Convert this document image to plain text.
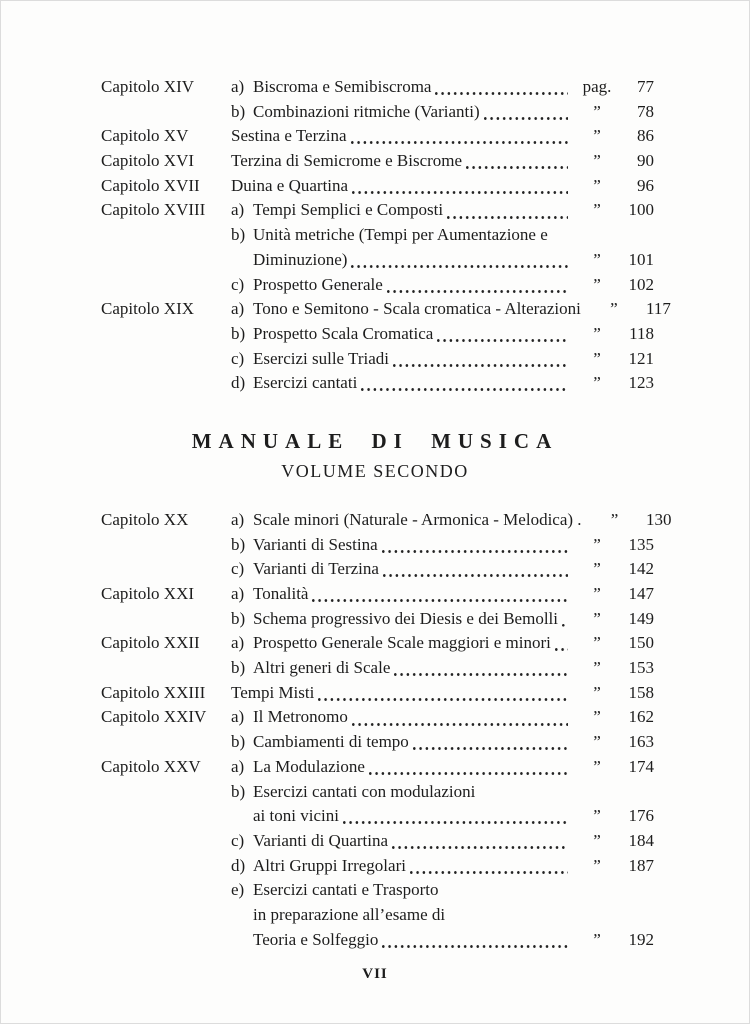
Capitolo XIV	a) Biscroma e Semibiscroma	pag.	77
b) Combinazioni ritmiche (Varianti)	”	78
Capitolo XV	Sestina e Terzina	”	86
Capitolo XVI	Terzina di Semicrome e Biscrome	”	90
Capitolo XVII	Duina e Quartina	”	96
Capitolo XVIII	a) Tempi Semplici e Composti	”	100
b) Unità metriche (Tempi per Aumentazione e
Diminuzione)	”	101
c) Prospetto Generale	”	102
Capitolo XIX	a) Tono e Semitono - Scala cromatica - Alterazioni	”	117
b) Prospetto Scala Cromatica	”	118
c) Esercizi sulle Triadi	”	121
d) Esercizi cantati	”	123
MANUALE DI MUSICA
VOLUME SECONDO
Capitolo XX	a) Scale minori (Naturale - Armonica - Melodica) .	”	130
b) Varianti di Sestina	”	135
c) Varianti di Terzina	”	142
Capitolo XXI	a) Tonalità	”	147
b) Schema progressivo dei Diesis e dei Bemolli	”	149
Capitolo XXII	a) Prospetto Generale Scale maggiori e minori	”	150
b) Altri generi di Scale	”	153
Capitolo XXIII	Tempi Misti	”	158
Capitolo XXIV	a) Il Metronomo	”	162
b) Cambiamenti di tempo	”	163
Capitolo XXV	a) La Modulazione	”	174
b) Esercizi cantati con modulazioni
ai toni vicini	”	176
c) Varianti di Quartina	”	184
d) Altri Gruppi Irregolari	”	187
e) Esercizi cantati e Trasporto
in preparazione all’esame di
Teoria e Solfeggio	”	192
VII
